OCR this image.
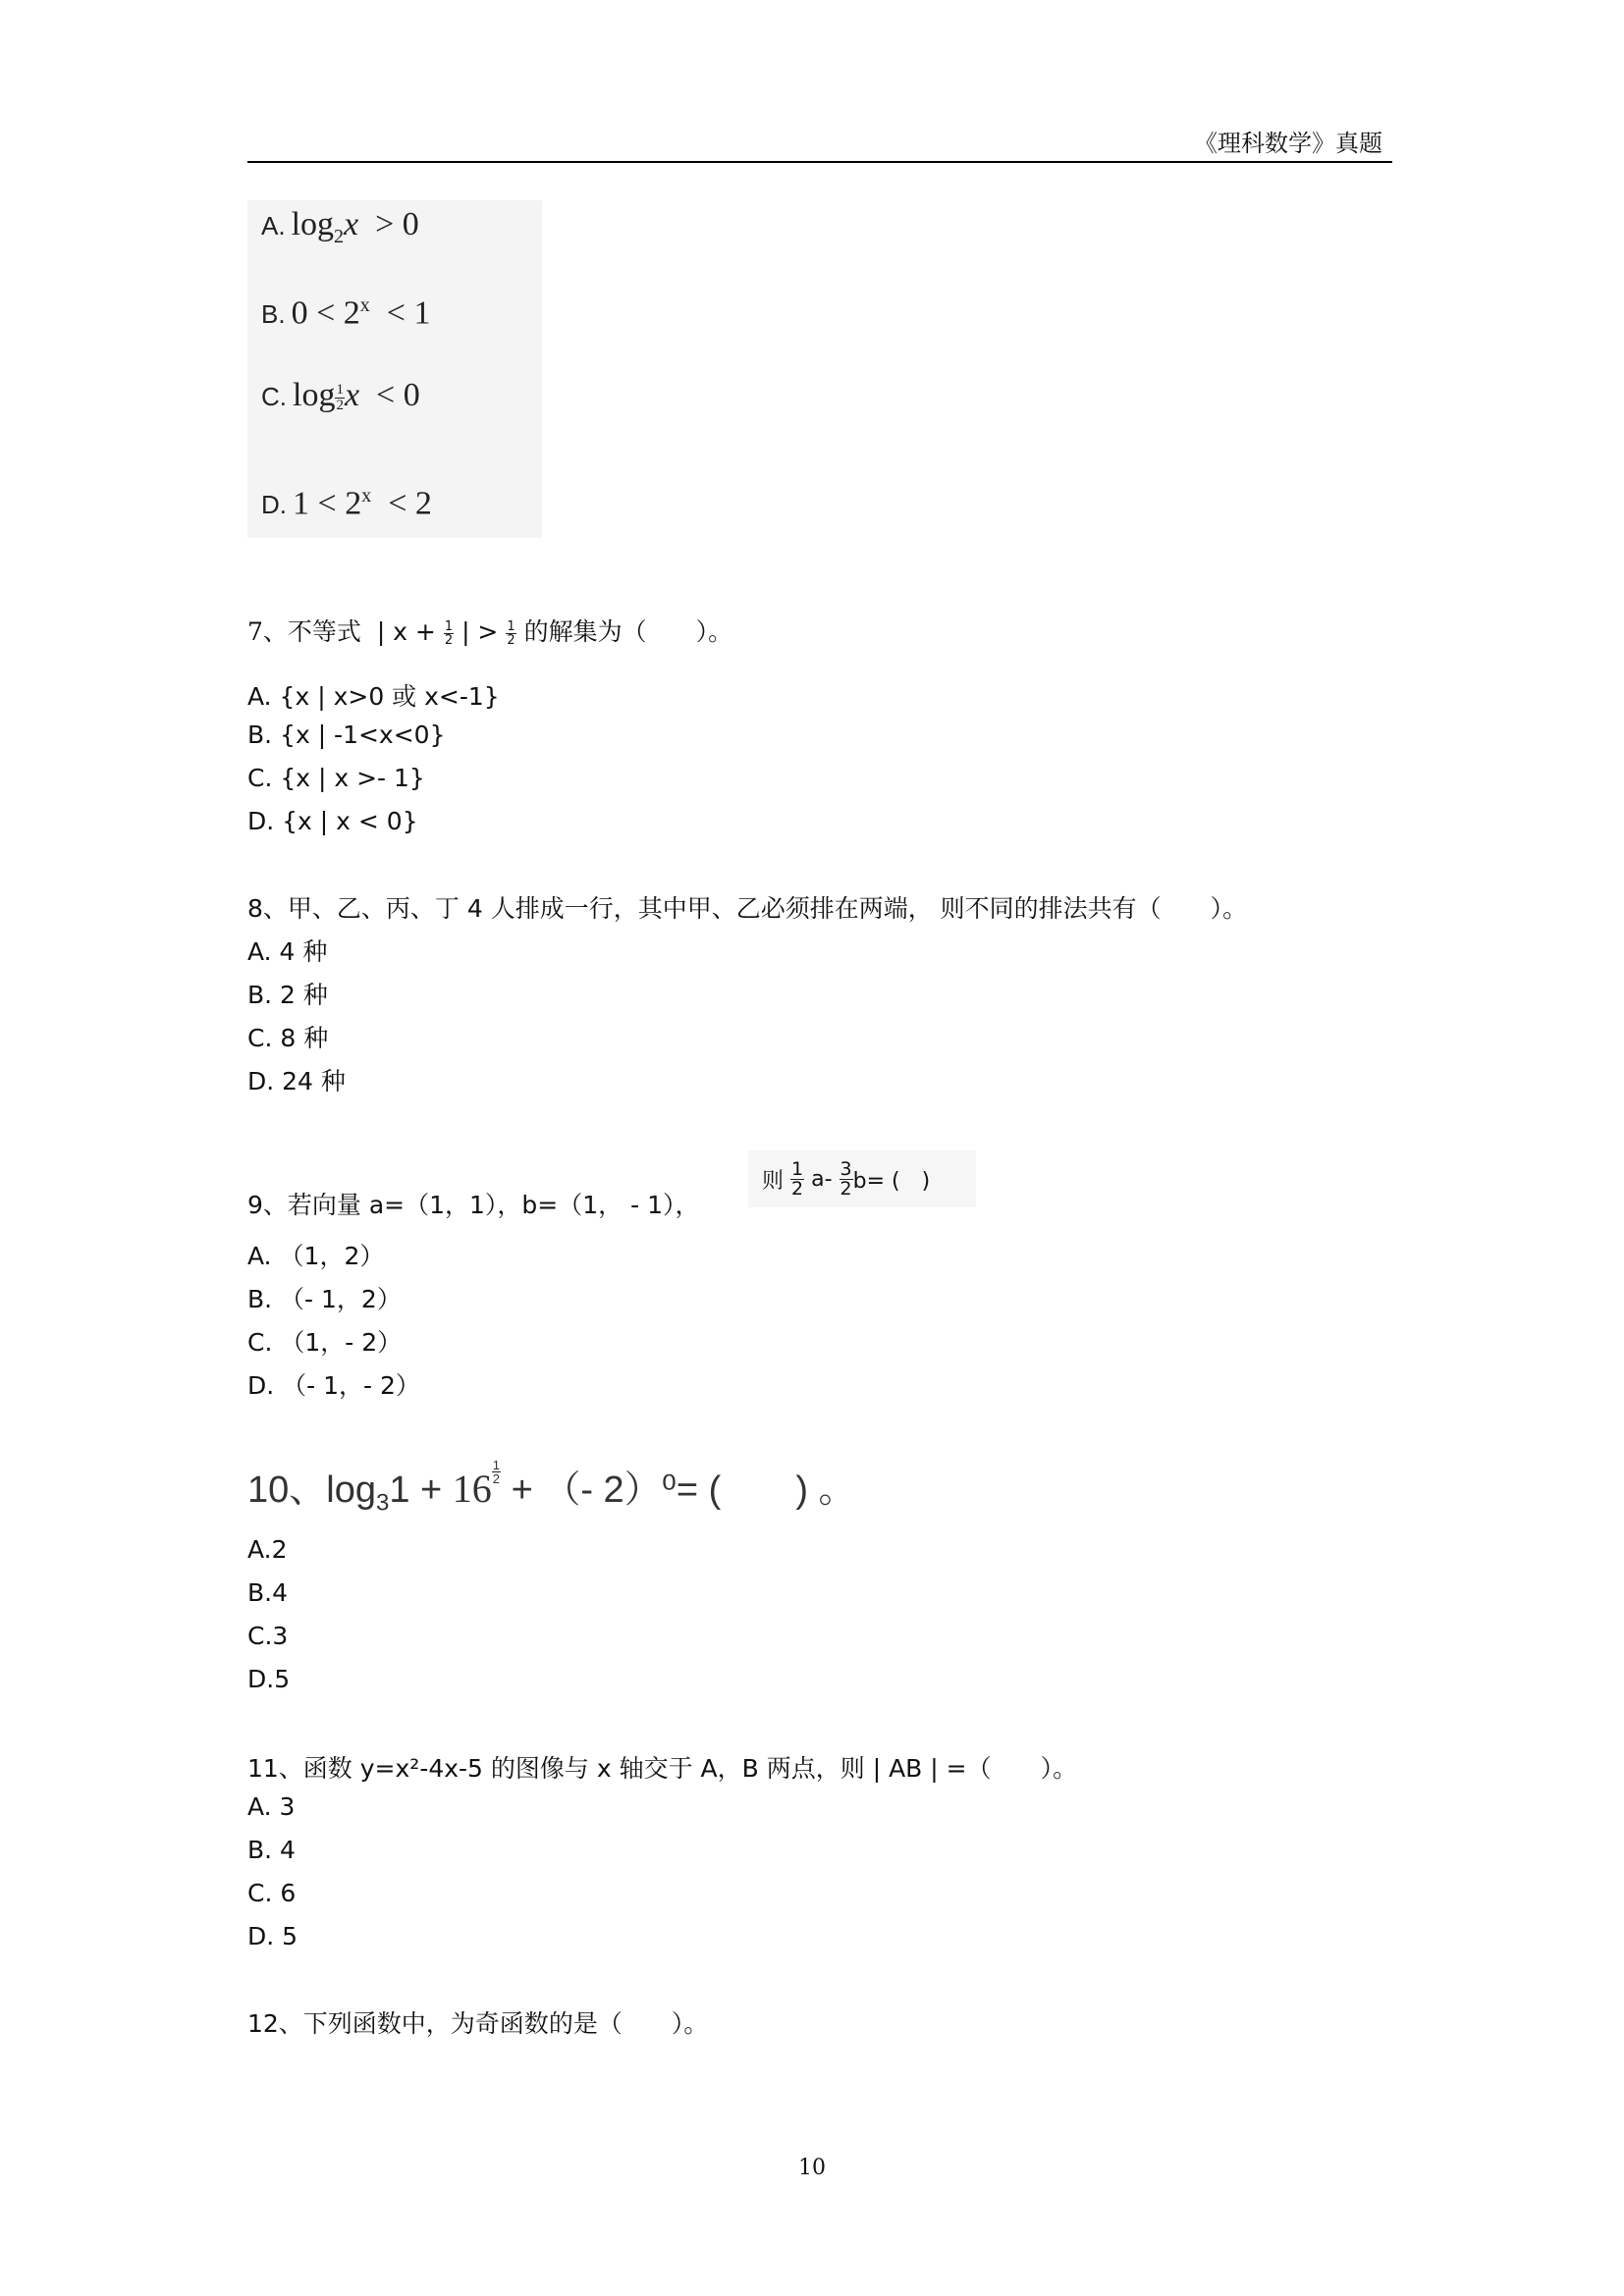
《理科数学》真题
A. $\log_2x > 0$
B. $0 < 2^x < 1$
C. $\log \frac{1}{2}$ x < 0
D. $1 < 2^x < 2$
7、不等式 | $x + \frac{1}{2}$ | > $\frac{1}{2}$ 的解集为（　　）。
A. {x | x>0 或 x<-1}
B. {x | -1<x<0}
C. {x | x >- 1}
D. {x | x < 0}
8、甲、乙、丙、丁 4 人排成一行，其中甲、乙必须排在两端， 则不同的排法共有（　　）。
A. 4 种
B. 2 种
C. 8 种
D. 24 种
9、若向量 a=（1，1），b=（1， - 1），
则
$\frac{1}{2}$
a-
$\frac{3}{2} b=$ (　)
A. （1，2）
B. （- 1，2）
C. （1，- 2）
D. （- 1，- 2）
10、$\log_31 + 16 \frac{1}{2}$ + （- 2）⁰= (　　) 。
A.2
B.4
C.3
D.5
11、函数 y=x²-4x-5 的图像与 x 轴交于 A，B 两点，则 | AB | =（　　）。
A. 3
B. 4
C. 6
D. 5
12、下列函数中，为奇函数的是（　　）。
10
